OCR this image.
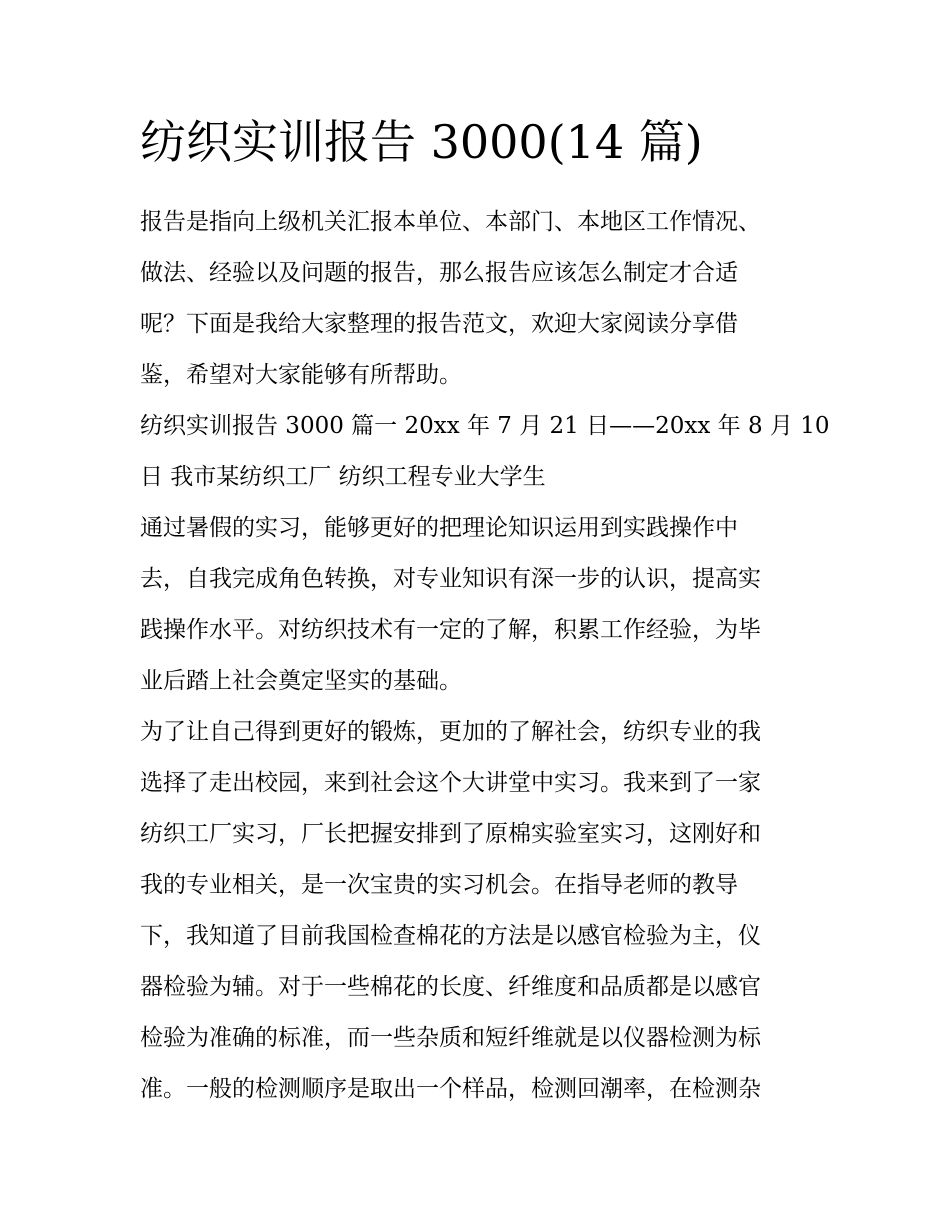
纺织实训报告 3000(14 篇)

报告是指向上级机关汇报本单位、本部门、本地区工作情况、

做法、经验以及问题的报告，那么报告应该怎么制定才合适

呢？下面是我给大家整理的报告范文，欢迎大家阅读分享借

鉴，希望对大家能够有所帮助。

纺织实训报告 3000 篇一 20xx 年 7 月 21 日——20xx 年 8 月 10

日 我市某纺织工厂 纺织工程专业大学生

通过暑假的实习，能够更好的把理论知识运用到实践操作中

去，自我完成角色转换，对专业知识有深一步的认识，提高实

践操作水平。对纺织技术有一定的了解，积累工作经验，为毕

业后踏上社会奠定坚实的基础。

为了让自己得到更好的锻炼，更加的了解社会，纺织专业的我

选择了走出校园，来到社会这个大讲堂中实习。我来到了一家

纺织工厂实习，厂长把握安排到了原棉实验室实习，这刚好和

我的专业相关，是一次宝贵的实习机会。在指导老师的教导

下，我知道了目前我国检查棉花的方法是以感官检验为主，仪

器检验为辅。对于一些棉花的长度、纤维度和品质都是以感官

检验为准确的标准，而一些杂质和短纤维就是以仪器检测为标

准。一般的检测顺序是取出一个样品，检测回潮率，在检测杂
